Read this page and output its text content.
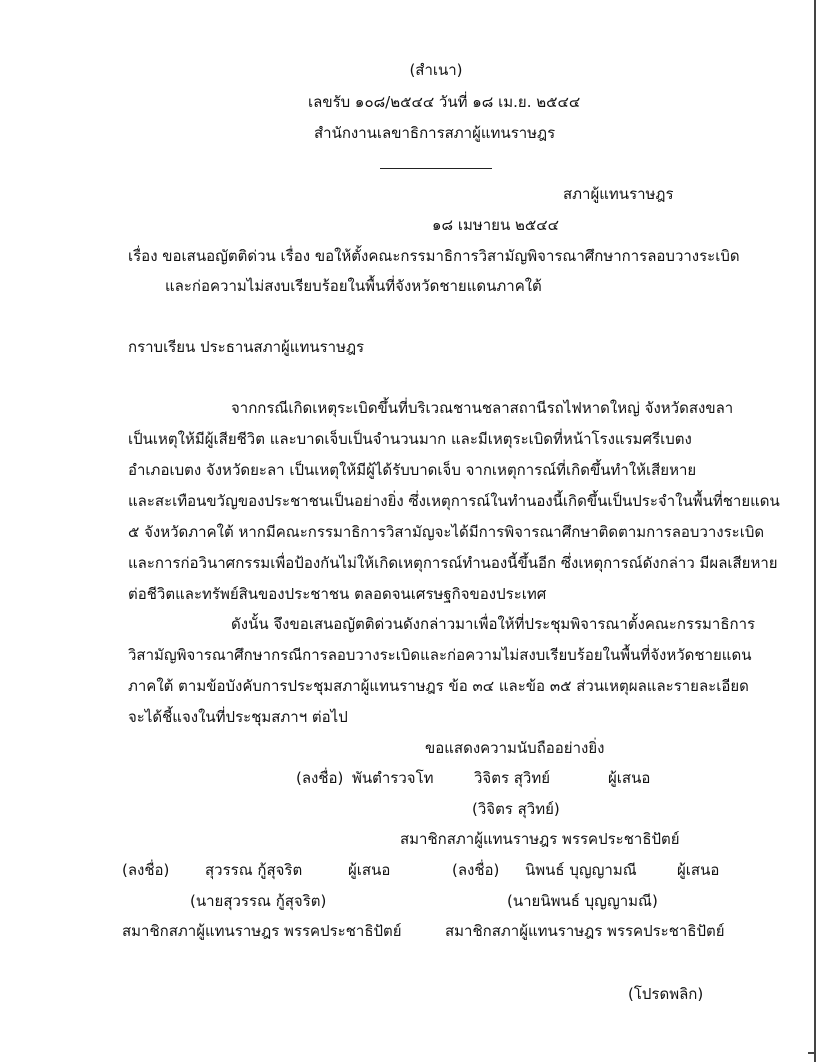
(สำเนา)
เลขรับ ๑๐๘/๒๕๔๔ วันที่ ๑๘ เม.ย. ๒๕๔๔
สำนักงานเลขาธิการสภาผู้แทนราษฎร
สภาผู้แทนราษฎร
๑๘ เมษายน ๒๕๔๔
เรื่อง ขอเสนอญัตติด่วน เรื่อง ขอให้ตั้งคณะกรรมาธิการวิสามัญพิจารณาศึกษาการลอบวางระเบิด
และก่อความไม่สงบเรียบร้อยในพื้นที่จังหวัดชายแดนภาคใต้
กราบเรียน ประธานสภาผู้แทนราษฎร
จากกรณีเกิดเหตุระเบิดขึ้นที่บริเวณชานชลาสถานีรถไฟหาดใหญ่ จังหวัดสงขลา
เป็นเหตุให้มีผู้เสียชีวิต และบาดเจ็บเป็นจำนวนมาก และมีเหตุระเบิดที่หน้าโรงแรมศรีเบตง
อำเภอเบตง จังหวัดยะลา เป็นเหตุให้มีผู้ได้รับบาดเจ็บ จากเหตุการณ์ที่เกิดขึ้นทำให้เสียหาย
และสะเทือนขวัญของประชาชนเป็นอย่างยิ่ง ซึ่งเหตุการณ์ในทำนองนี้เกิดขึ้นเป็นประจำในพื้นที่ชายแดน
๕ จังหวัดภาคใต้ หากมีคณะกรรมาธิการวิสามัญจะได้มีการพิจารณาศึกษาติดตามการลอบวางระเบิด
และการก่อวินาศกรรมเพื่อป้องกันไม่ให้เกิดเหตุการณ์ทำนองนี้ขึ้นอีก ซึ่งเหตุการณ์ดังกล่าว มีผลเสียหาย
ต่อชีวิตและทรัพย์สินของประชาชน ตลอดจนเศรษฐกิจของประเทศ
ดังนั้น จึงขอเสนอญัตติด่วนดังกล่าวมาเพื่อให้ที่ประชุมพิจารณาตั้งคณะกรรมาธิการ
วิสามัญพิจารณาศึกษากรณีการลอบวางระเบิดและก่อความไม่สงบเรียบร้อยในพื้นที่จังหวัดชายแดน
ภาคใต้ ตามข้อบังคับการประชุมสภาผู้แทนราษฎร ข้อ ๓๔ และข้อ ๓๕ ส่วนเหตุผลและรายละเอียด
จะได้ชี้แจงในที่ประชุมสภาฯ ต่อไป
ขอแสดงความนับถืออย่างยิ่ง
(ลงชื่อ) พันตำรวจโท	วิจิตร สุวิทย์	ผู้เสนอ
(วิจิตร สุวิทย์)
สมาชิกสภาผู้แทนราษฎร พรรคประชาธิปัตย์
(ลงชื่อ) สุวรรณ กู้สุจริต	ผู้เสนอ	(ลงชื่อ) นิพนธ์ บุญญามณี	ผู้เสนอ
(นายสุวรรณ กู้สุจริต)	(นายนิพนธ์ บุญญามณี)
สมาชิกสภาผู้แทนราษฎร พรรคประชาธิปัตย์	สมาชิกสภาผู้แทนราษฎร พรรคประชาธิปัตย์
(โปรดพลิก)
